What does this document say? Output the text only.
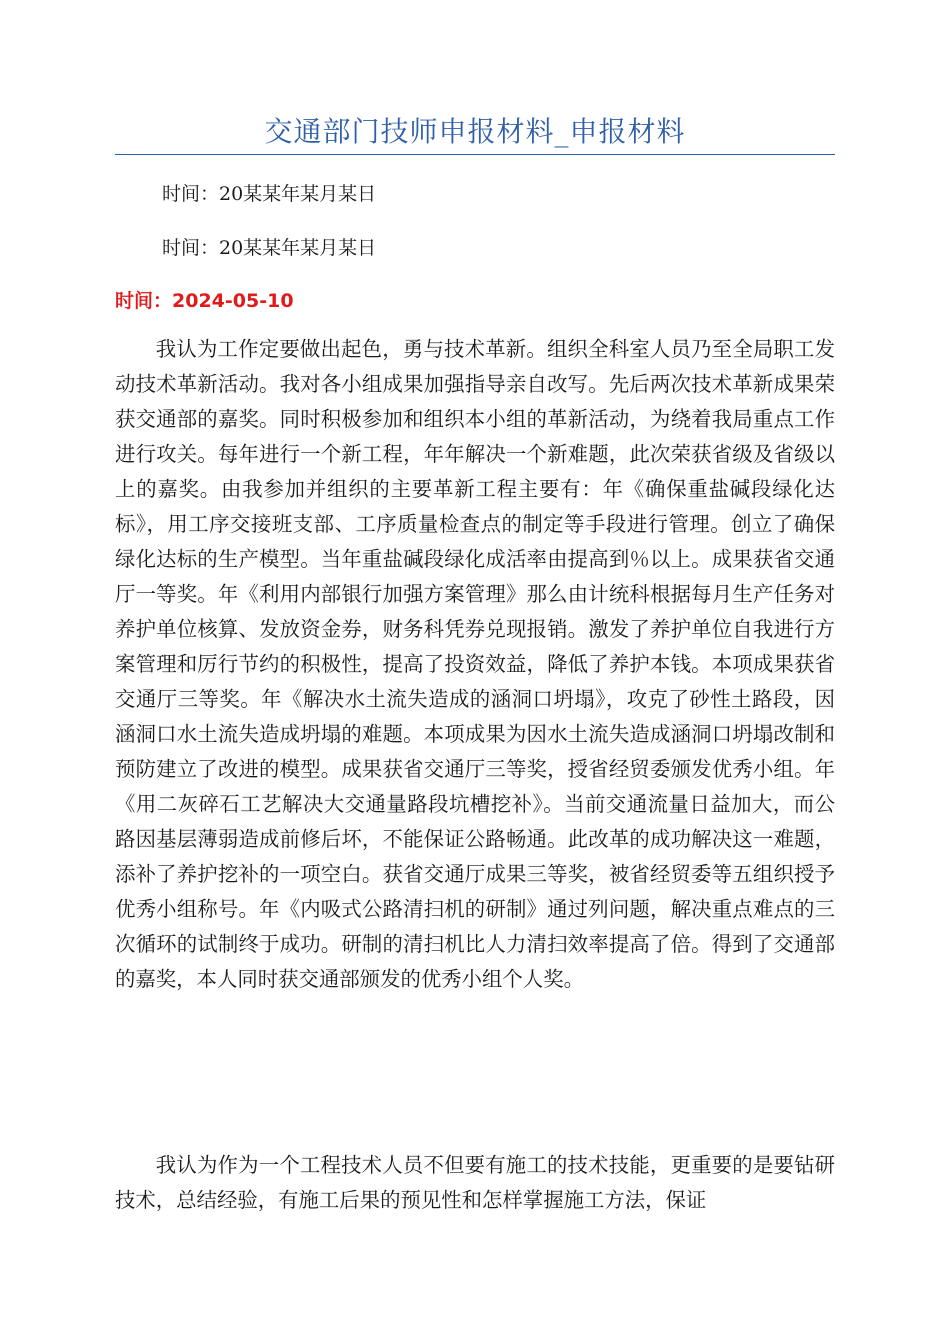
交通部门技师申报材料_申报材料
时间：20某某年某月某日
时间：20某某年某月某日
时间：2024-05-10

我认为工作定要做出起色，勇与技术革新。组织全科室人员乃至全局职工发动技术革新活动。我对各小组成果加强指导亲自改写。先后两次技术革新成果荣获交通部的嘉奖。同时积极参加和组织本小组的革新活动，为绕着我局重点工作进行攻关。每年进行一个新工程，年年解决一个新难题，此次荣获省级及省级以上的嘉奖。由我参加并组织的主要革新工程主要有：年《确保重盐碱段绿化达标》，用工序交接班支部、工序质量检查点的制定等手段进行管理。创立了确保绿化达标的生产模型。当年重盐碱段绿化成活率由提高到％以上。成果获省交通厅一等奖。年《利用内部银行加强方案管理》那么由计统科根据每月生产任务对养护单位核算、发放资金券，财务科凭券兑现报销。激发了养护单位自我进行方案管理和厉行节约的积极性，提高了投资效益，降低了养护本钱。本项成果获省交通厅三等奖。年《解决水土流失造成的涵洞口坍塌》，攻克了砂性土路段，因涵洞口水土流失造成坍塌的难题。本项成果为因水土流失造成涵洞口坍塌改制和预防建立了改进的模型。成果获省交通厅三等奖，授省经贸委颁发优秀小组。年《用二灰碎石工艺解决大交通量路段坑槽挖补》。当前交通流量日益加大，而公路因基层薄弱造成前修后坏，不能保证公路畅通。此改革的成功解决这一难题，添补了养护挖补的一项空白。获省交通厅成果三等奖，被省经贸委等五组织授予优秀小组称号。年《内吸式公路清扫机的研制》通过列问题，解决重点难点的三次循环的试制终于成功。研制的清扫机比人力清扫效率提高了倍。得到了交通部的嘉奖，本人同时获交通部颁发的优秀小组个人奖。

我认为作为一个工程技术人员不但要有施工的技术技能，更重要的是要钻研技术，总结经验，有施工后果的预见性和怎样掌握施工方法，保证
